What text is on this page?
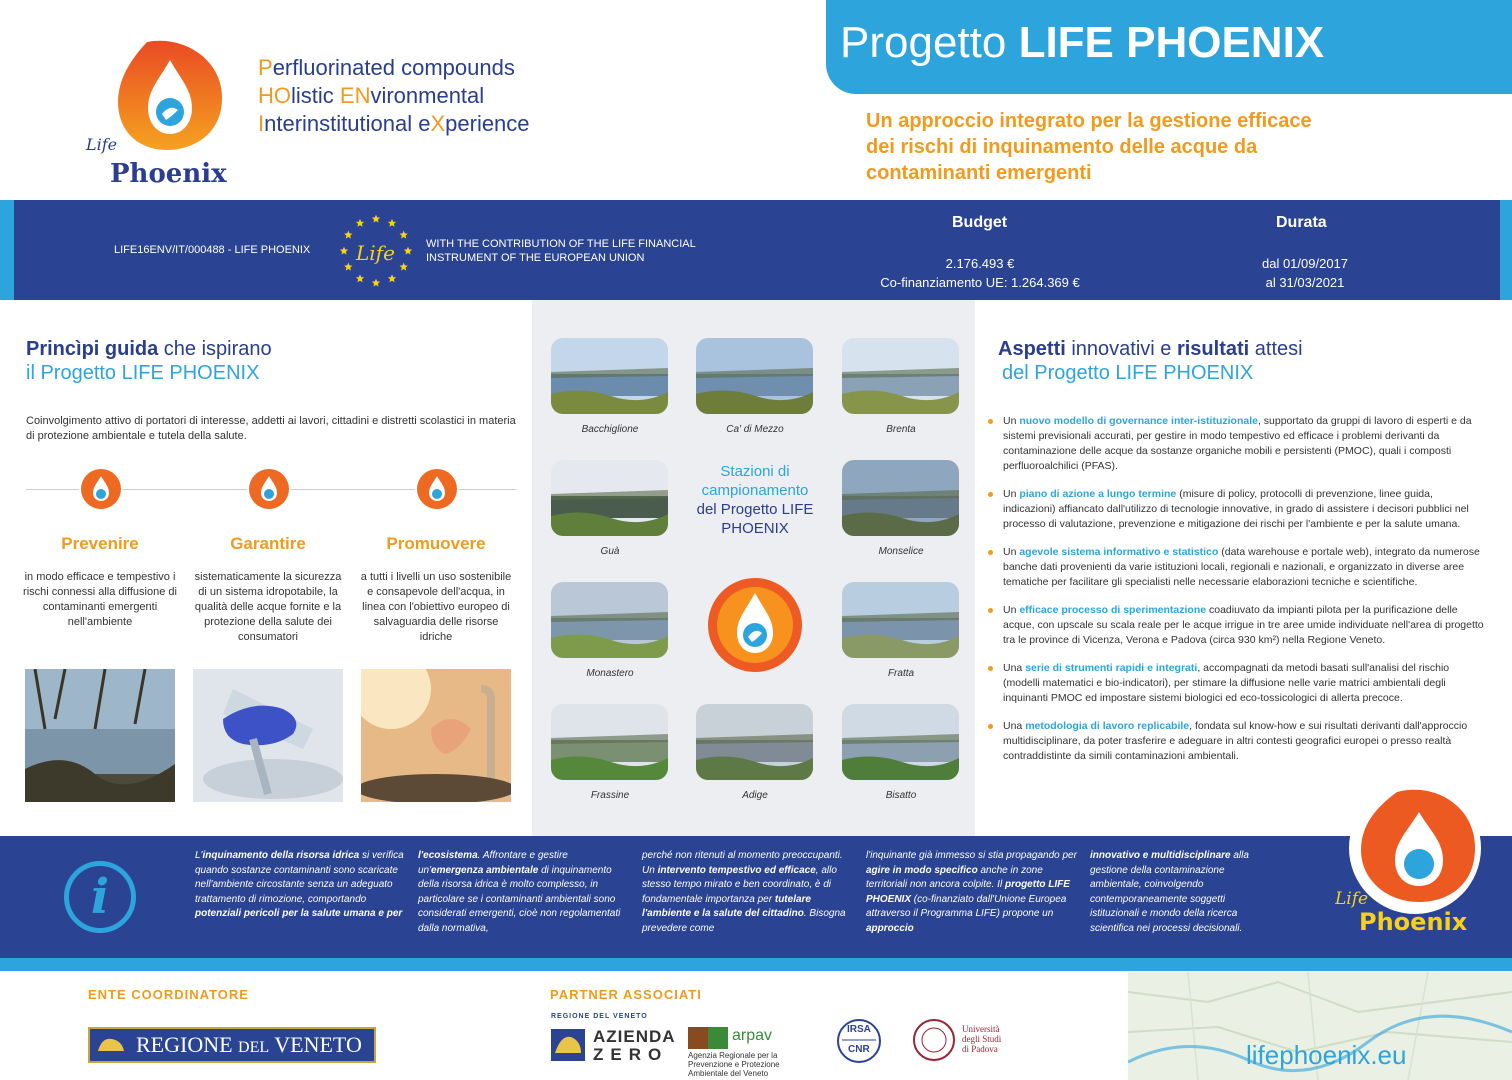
Life
Phoenix
Perfluorinated compounds
HOlistic ENvironmental
Interinstitutional eXperience
Progetto LIFE PHOENIX
Un approccio integrato per la gestione efficace dei rischi di inquinamento delle acque da contaminanti emergenti
LIFE16ENV/IT/000488 - LIFE PHOENIX Life	WITH THE CONTRIBUTION OF THE LIFE FINANCIAL INSTRUMENT OF THE EUROPEAN UNION
Budget
2.176.493 €
Co-finanziamento UE: 1.264.369 €
Durata
dal 01/09/2017
al 31/03/2021
Princìpi guida che ispirano
il Progetto LIFE PHOENIX
Coinvolgimento attivo di portatori di interesse, addetti ai lavori, cittadini e distretti scolastici in materia di protezione ambientale e tutela della salute.
Prevenire	Garantire	Promuovere
in modo efficace e tempestivo i rischi connessi alla diffusione di contaminanti emergenti nell'ambiente
sistematicamente la sicurezza di un sistema idropotabile, la qualità delle acque fornite e la protezione della salute dei consumatori
a tutti i livelli un uso sostenibile e consapevole dell'acqua, in linea con l'obiettivo europeo di salvaguardia delle risorse idriche
Bacchiglione	Ca' di Mezzo	Brenta
Guà	Monselice
Monastero	Fratta
Frassine	Adige	Bisatto
Stazioni di campionamento
del Progetto LIFE PHOENIX
Aspetti innovativi e risultati attesi
del Progetto LIFE PHOENIX
Un nuovo modello di governance inter-istituzionale, supportato da gruppi di lavoro di esperti e da sistemi previsionali accurati, per gestire in modo tempestivo ed efficace i problemi derivanti da contaminazione delle acque da sostanze organiche mobili e persistenti (PMOC), quali i composti perfluoroalchilici (PFAS).
Un piano di azione a lungo termine (misure di policy, protocolli di prevenzione, linee guida, indicazioni) affiancato dall'utilizzo di tecnologie innovative, in grado di assistere i decisori pubblici nel processo di valutazione, prevenzione e mitigazione dei rischi per l'ambiente e per la salute umana.
Un agevole sistema informativo e statistico (data warehouse e portale web), integrato da numerose banche dati provenienti da varie istituzioni locali, regionali e nazionali, e organizzato in diverse aree tematiche per facilitare gli specialisti nelle necessarie elaborazioni tecniche e scientifiche.
Un efficace processo di sperimentazione coadiuvato da impianti pilota per la purificazione delle acque, con upscale su scala reale per le acque irrigue in tre aree umide individuate nell'area di progetto tra le province di Vicenza, Verona e Padova (circa 930 km²) nella Regione Veneto.
Una serie di strumenti rapidi e integrati, accompagnati da metodi basati sull'analisi del rischio (modelli matematici e bio-indicatori), per stimare la diffusione nelle varie matrici ambientali degli inquinanti PMOC ed impostare sistemi biologici ed eco-tossicologici di allerta precoce.
Una metodologia di lavoro replicabile, fondata sul know-how e sui risultati derivanti dall'approccio multidisciplinare, da poter trasferire e adeguare in altri contesti geografici europei o presso realtà contraddistinte da simili contaminazioni ambientali.
i
L'inquinamento della risorsa idrica si verifica quando sostanze contaminanti sono scaricate nell'ambiente circostante senza un adeguato trattamento di rimozione, comportando potenziali pericoli per la salute umana e per
l'ecosistema. Affrontare e gestire un'emergenza ambientale di inquinamento della risorsa idrica è molto complesso, in particolare se i contaminanti ambientali sono considerati emergenti, cioè non regolamentati dalla normativa,
perché non ritenuti al momento preoccupanti. Un intervento tempestivo ed efficace, allo stesso tempo mirato e ben coordinato, è di fondamentale importanza per tutelare l'ambiente e la salute del cittadino. Bisogna prevedere come
l'inquinante già immesso si stia propagando per agire in modo specifico anche in zone territoriali non ancora colpite. Il progetto LIFE PHOENIX (co-finanziato dall'Unione Europea attraverso il Programma LIFE) propone un approccio
innovativo e multidisciplinare alla gestione della contaminazione ambientale, coinvolgendo contemporaneamente soggetti istituzionali e mondo della ricerca scientifica nei processi decisionali.
Life
Phoenix
ENTE COORDINATORE	PARTNER ASSOCIATI
REGIONE DEL VENETO
REGIONE DEL VENETO
AZIENDA
ZERO
arpav
Agenzia Regionale per la Prevenzione e Protezione Ambientale del Veneto
IRSA
CNR
Università
degli Studi
di Padova	lifephoenix.eu
